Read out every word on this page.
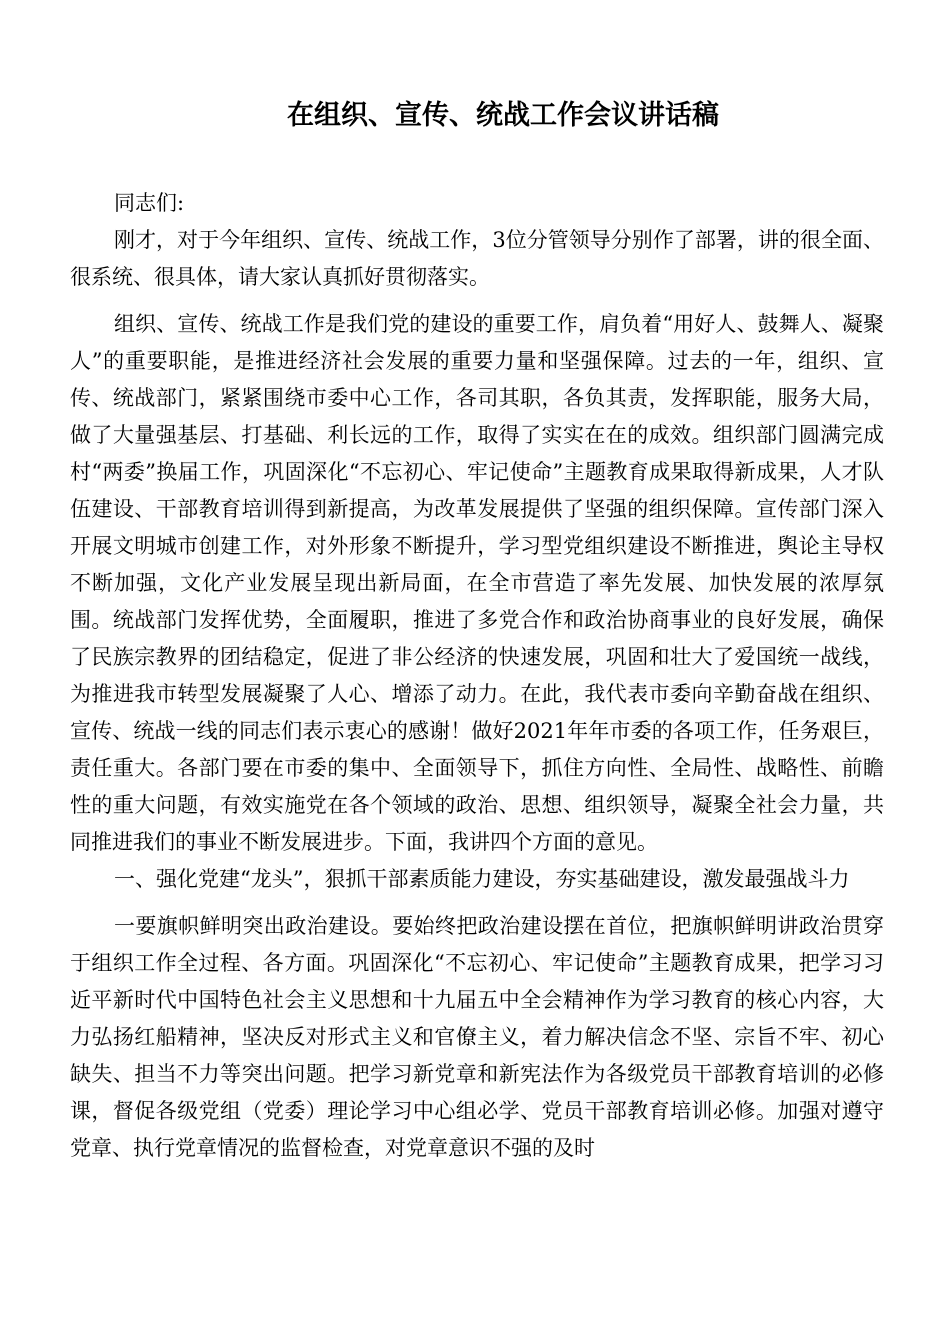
在组织、宣传、统战工作会议讲话稿

同志们:

刚才，对于今年组织、宣传、统战工作，3位分管领导分别作了部署，讲的很全面、很系统、很具体，请大家认真抓好贯彻落实。

组织、宣传、统战工作是我们党的建设的重要工作，肩负着“用好人、鼓舞人、凝聚人”的重要职能，是推进经济社会发展的重要力量和坚强保障。过去的一年，组织、宣传、统战部门，紧紧围绕市委中心工作，各司其职，各负其责，发挥职能，服务大局，做了大量强基层、打基础、利长远的工作，取得了实实在在的成效。组织部门圆满完成村“两委”换届工作，巩固深化“不忘初心、牢记使命”主题教育成果取得新成果，人才队伍建设、干部教育培训得到新提高，为改革发展提供了坚强的组织保障。宣传部门深入开展文明城市创建工作，对外形象不断提升，学习型党组织建设不断推进，舆论主导权不断加强，文化产业发展呈现出新局面，在全市营造了率先发展、加快发展的浓厚氛围。统战部门发挥优势，全面履职，推进了多党合作和政治协商事业的良好发展，确保了民族宗教界的团结稳定，促进了非公经济的快速发展，巩固和壮大了爱国统一战线，为推进我市转型发展凝聚了人心、增添了动力。在此，我代表市委向辛勤奋战在组织、宣传、统战一线的同志们表示衷心的感谢！做好2021年年市委的各项工作，任务艰巨，责任重大。各部门要在市委的集中、全面领导下，抓住方向性、全局性、战略性、前瞻性的重大问题，有效实施党在各个领域的政治、思想、组织领导，凝聚全社会力量，共同推进我们的事业不断发展进步。下面，我讲四个方面的意见。

一、强化党建“龙头”，狠抓干部素质能力建设，夯实基础建设，激发最强战斗力

一要旗帜鲜明突出政治建设。要始终把政治建设摆在首位，把旗帜鲜明讲政治贯穿于组织工作全过程、各方面。巩固深化“不忘初心、牢记使命”主题教育成果，把学习习近平新时代中国特色社会主义思想和十九届五中全会精神作为学习教育的核心内容，大力弘扬红船精神，坚决反对形式主义和官僚主义，着力解决信念不坚、宗旨不牢、初心缺失、担当不力等突出问题。把学习新党章和新宪法作为各级党员干部教育培训的必修课，督促各级党组（党委）理论学习中心组必学、党员干部教育培训必修。加强对遵守党章、执行党章情况的监督检查，对党章意识不强的及时
